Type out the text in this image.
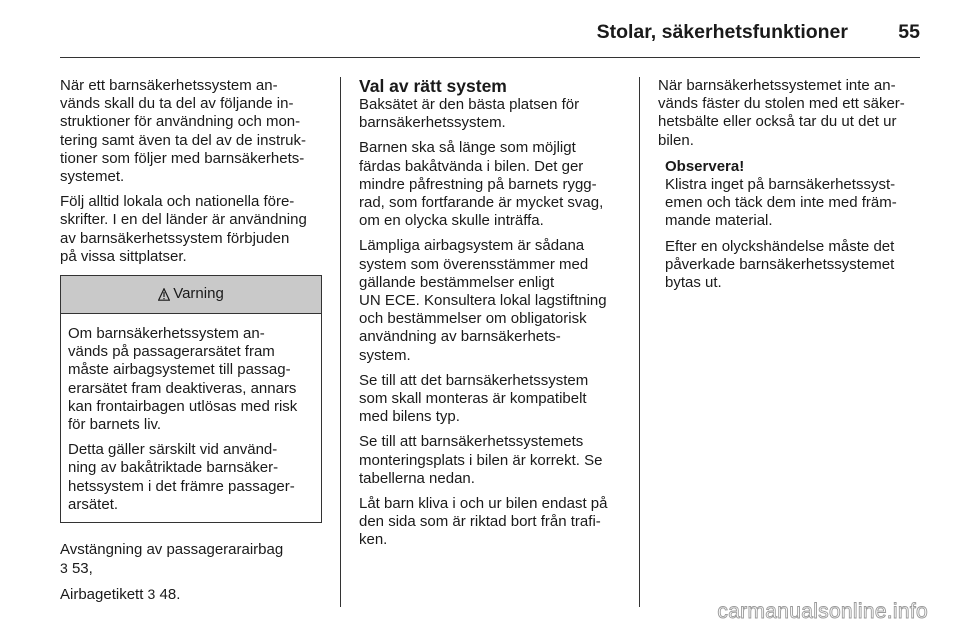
Stolar, säkerhetsfunktioner	55

När ett barnsäkerhetssystem an-
vänds skall du ta del av följande in-
struktioner för användning och mon-
tering samt även ta del av de instruk-
tioner som följer med barnsäkerhets-
systemet.

Följ alltid lokala och nationella före-
skrifter. I en del länder är användning
av barnsäkerhetssystem förbjuden
på vissa sittplatser.

Varning

Om barnsäkerhetssystem an-
vänds på passagerarsätet fram
måste airbagsystemet till passag-
erarsätet fram deaktiveras, annars
kan frontairbagen utlösas med risk
för barnets liv.

Detta gäller särskilt vid använd-
ning av bakåtriktade barnsäker-
hetssystem i det främre passager-
arsätet.

Avstängning av passagerarairbag
3 53,

Airbagetikett 3 48.

Val av rätt system

Baksätet är den bästa platsen för
barnsäkerhetssystem.

Barnen ska så länge som möjligt
färdas bakåtvända i bilen. Det ger
mindre påfrestning på barnets rygg-
rad, som fortfarande är mycket svag,
om en olycka skulle inträffa.

Lämpliga airbagsystem är sådana
system som överensstämmer med
gällande bestämmelser enligt
UN ECE. Konsultera lokal lagstiftning
och bestämmelser om obligatorisk
användning av barnsäkerhets-
system.

Se till att det barnsäkerhetssystem
som skall monteras är kompatibelt
med bilens typ.

Se till att barnsäkerhetssystemets
monteringsplats i bilen är korrekt. Se
tabellerna nedan.

Låt barn kliva i och ur bilen endast på
den sida som är riktad bort från trafi-
ken.

När barnsäkerhetssystemet inte an-
vänds fäster du stolen med ett säker-
hetsbälte eller också tar du ut det ur
bilen.

Observera!

Klistra inget på barnsäkerhetssyst-
emen och täck dem inte med främ-
mande material.

Efter en olyckshändelse måste det
påverkade barnsäkerhetssystemet
bytas ut.

carmanualsonline.info
